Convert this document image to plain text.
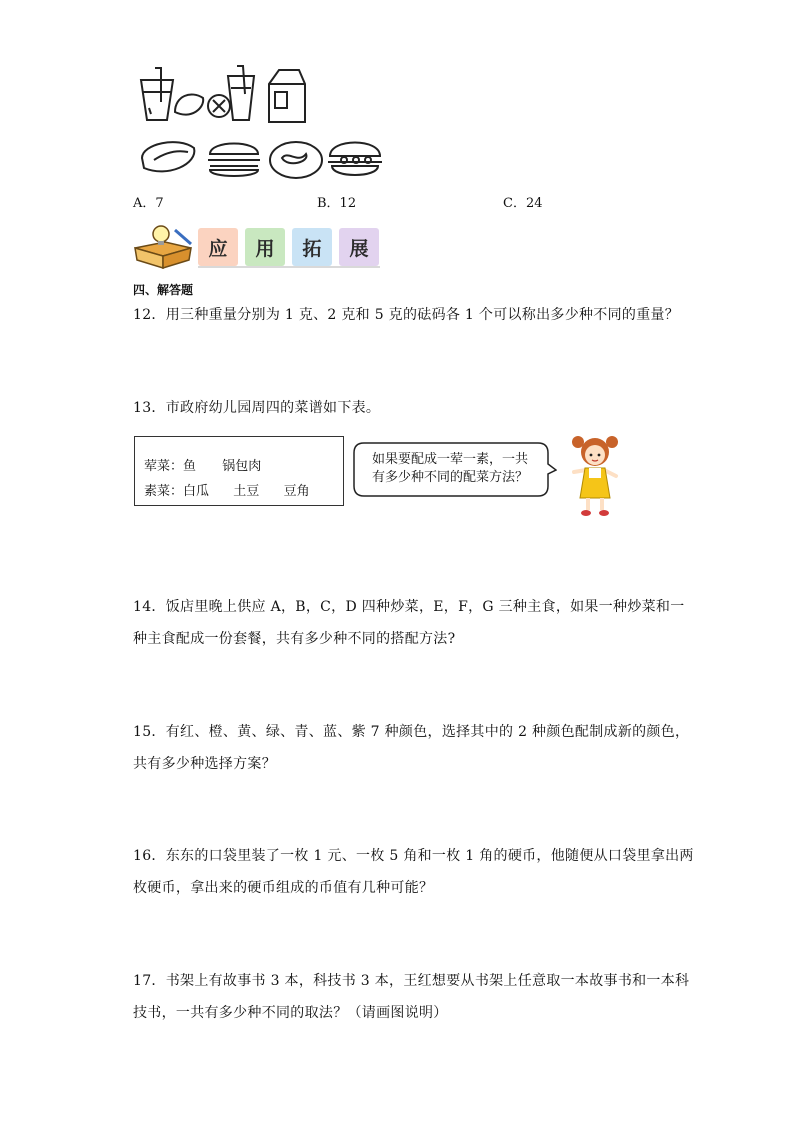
A．7	B．12	C．24
应 用 拓 展
四、解答题
12．用三种重量分别为 1 克、2 克和 5 克的砝码各 1 个可以称出多少种不同的重量？
13．市政府幼儿园周四的菜谱如下表。
荤菜：鱼 锅包肉
素菜：白瓜 土豆 豆角
如果要配成一荤一素，一共
有多少种不同的配菜方法？
14．饭店里晚上供应 A，B，C，D 四种炒菜，E，F，G 三种主食，如果一种炒菜和一
种主食配成一份套餐，共有多少种不同的搭配方法?
15．有红、橙、黄、绿、青、蓝、紫 7 种颜色，选择其中的 2 种颜色配制成新的颜色，
共有多少种选择方案？
16．东东的口袋里装了一枚 1 元、一枚 5 角和一枚 1 角的硬币，他随便从口袋里拿出两
枚硬币，拿出来的硬币组成的币值有几种可能？
17．书架上有故事书 3 本，科技书 3 本，王红想要从书架上任意取一本故事书和一本科
技书，一共有多少种不同的取法？（请画图说明）
